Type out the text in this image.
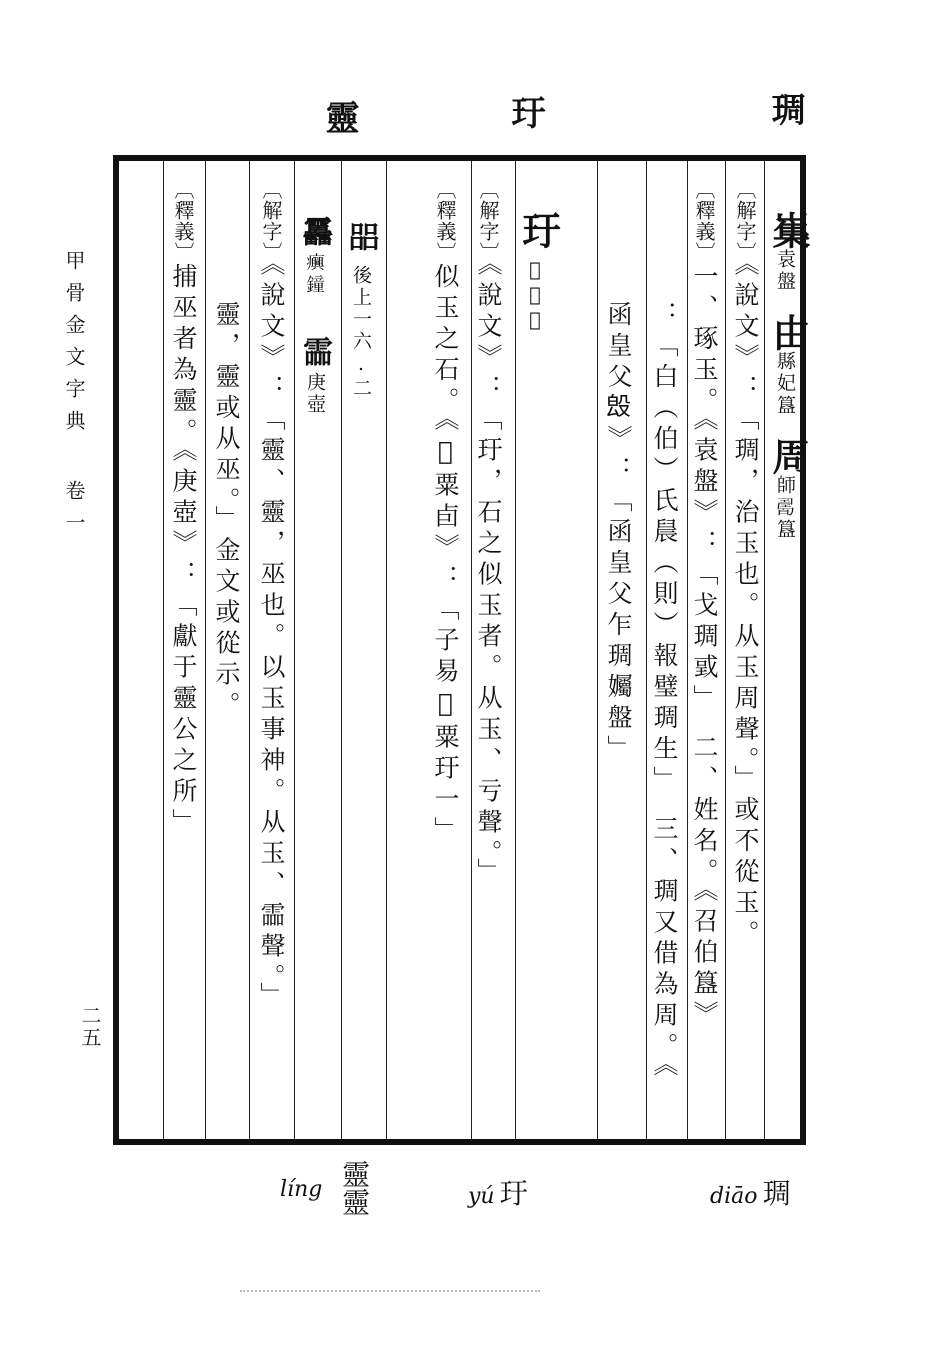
琱
玗
靈
甲骨金文字典
卷一
二五
〔解字〕《說文》：「琱，治玉也。从玉周聲。」或不從玉。
〔釋義〕一、琢玉。《袁盤》：「戈琱戜」　二、姓名。《召伯簋》
：「白（伯）氏䢅（則）報璧琱生」　三、琱又借為周。《
函皇父𣪕》：「函皇父乍琱孎盤」
㠍
袁盤
由
縣妃簋
周
師𤾊簋
玗
𧇫粟卣
〔解字〕《說文》：「玗，石之似玉者。从玉、亏聲。」
〔釋義〕似玉之石。《𧇫粟卣》：「子易𧇫粟玗一」
㗊
後上一六.二
靐
𤼈鐘
霝
庚壺
〔解字〕《說文》：「靈、靈，巫也。以玉事神。从玉、霝聲。」
靈，靈或从巫。」金文或從示。
〔釋義〕捕巫者為靈。《庚壺》：「獻于靈公之所」
diāo 琱
yú 玗
líng 靈靈
